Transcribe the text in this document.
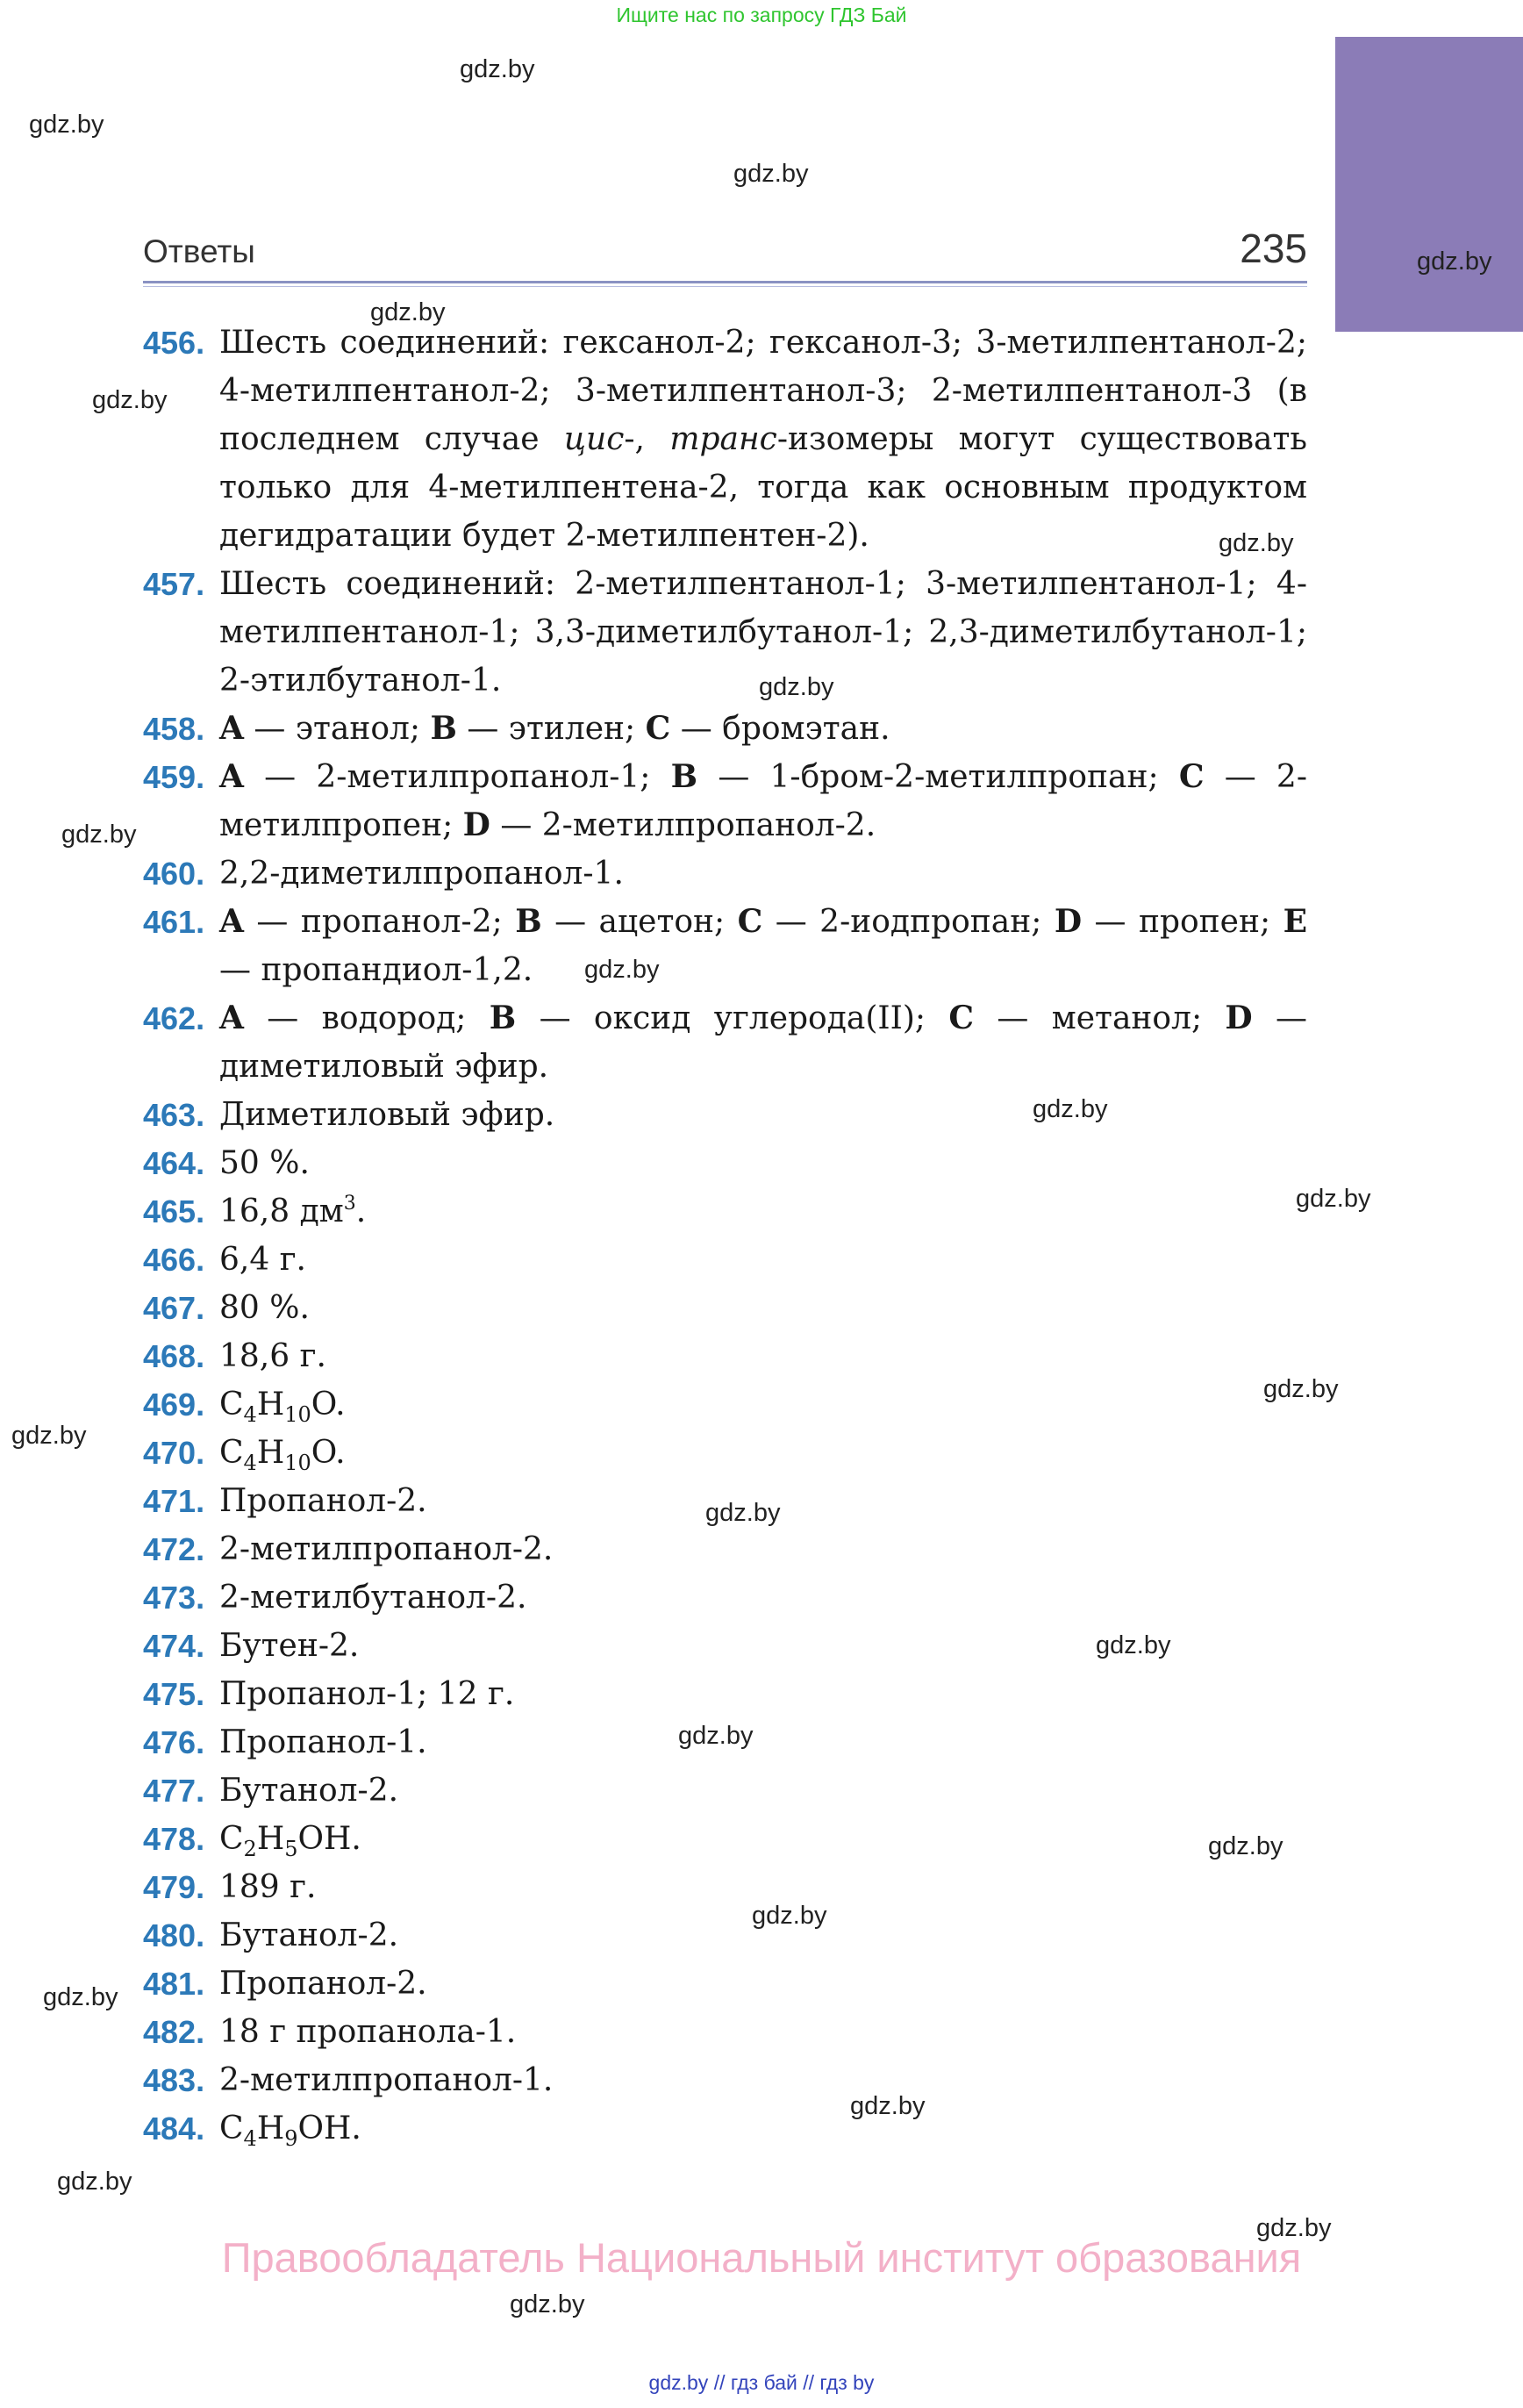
Ищите нас по запросу ГДЗ Бай
gdz.by
gdz.by
gdz.by
gdz.by
gdz.by
gdz.by
gdz.by
gdz.by
gdz.by
gdz.by
gdz.by
gdz.by
gdz.by
gdz.by
gdz.by
gdz.by
gdz.by
gdz.by
gdz.by
gdz.by
gdz.by
gdz.by
gdz.by
gdz.by
Ответы	235
456. Шесть соединений: гексанол-2; гексанол-3; 3-метилпентанол-2; 4-метилпентанол-2; 3-метилпентанол-3; 2-метилпентанол-3 (в последнем случае цис-, транс-изомеры могут существовать только для 4-метилпентена-2, тогда как основным продуктом дегидратации будет 2-метилпентен-2).
457. Шесть соединений: 2-метилпентанол-1; 3-метилпентанол-1; 4-метилпентанол-1; 3,3-диметилбутанол-1; 2,3-диметилбутанол-1; 2-этилбутанол-1.
458. A — этанол; B — этилен; C — бромэтан.
459. A — 2-метилпропанол-1; B — 1-бром-2-метилпропан; C — 2-метилпропен; D — 2-метилпропанол-2.
460. 2,2-диметилпропанол-1.
461. A — пропанол-2; B — ацетон; C — 2-иодпропан; D — пропен; E — пропандиол-1,2.
462. A — водород; B — оксид углерода(II); C — метанол; D — диметиловый эфир.
463. Диметиловый эфир.
464. 50 %.
465. 16,8 $дм^3$.
466. 6,4 г.
467. 80 %.
468. 18,6 г.
469. $C_4H_{10}O$.
470. $C_4H_{10}O$.
471. Пропанол-2.
472. 2-метилпропанол-2.
473. 2-метилбутанол-2.
474. Бутен-2.
475. Пропанол-1; 12 г.
476. Пропанол-1.
477. Бутанол-2.
478. $C_2H_5OH$.
479. 189 г.
480. Бутанол-2.
481. Пропанол-2.
482. 18 г пропанола-1.
483. 2-метилпропанол-1.
484. $C_4H_9OH$.
Правообладатель Национальный институт образования
gdz.by // гдз бай // гдз by
